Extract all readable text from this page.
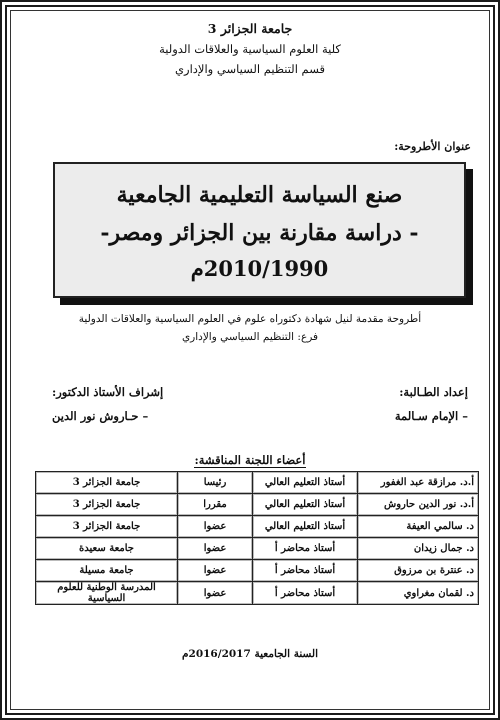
جامعة الجزائر 3
كلية العلوم السياسية والعلاقات الدولية
قسم التنظيم السياسي والإداري
عنوان الأطروحة:
صنع السياسة التعليمية الجامعية
- دراسة مقارنة بين الجزائر ومصر-
2010/1990م
أطروحة مقدمة لنيل شهادة دكتوراه علوم في العلوم السياسية والعلاقات الدولية
فرع: التنظيم السياسي والإداري
إعداد الطـالبة:
– الإمام سـالمة
إشراف الأستاذ الدكتور:
– حـاروش نور الدين
أعضاء اللجنة المناقشة:
أ.د. مرازقة عبد الغفور	أستاذ التعليم العالي	رئيسا	جامعة الجزائر 3
أ.د. نور الدين حاروش	أستاذ التعليم العالي	مقررا	جامعة الجزائر 3
د. سالمي العيفة	أستاذ التعليم العالي	عضوا	جامعة الجزائر 3
د. جمال زيدان	أستاذ محاضر أ	عضوا	جامعة سعيدة
د. عنترة بن مرزوق	أستاذ محاضر أ	عضوا	جامعة مسيلة
د. لقمان مغراوي	أستاذ محاضر أ	عضوا	المدرسة الوطنية للعلوم السياسية
السنة الجامعية 2016/2017م
